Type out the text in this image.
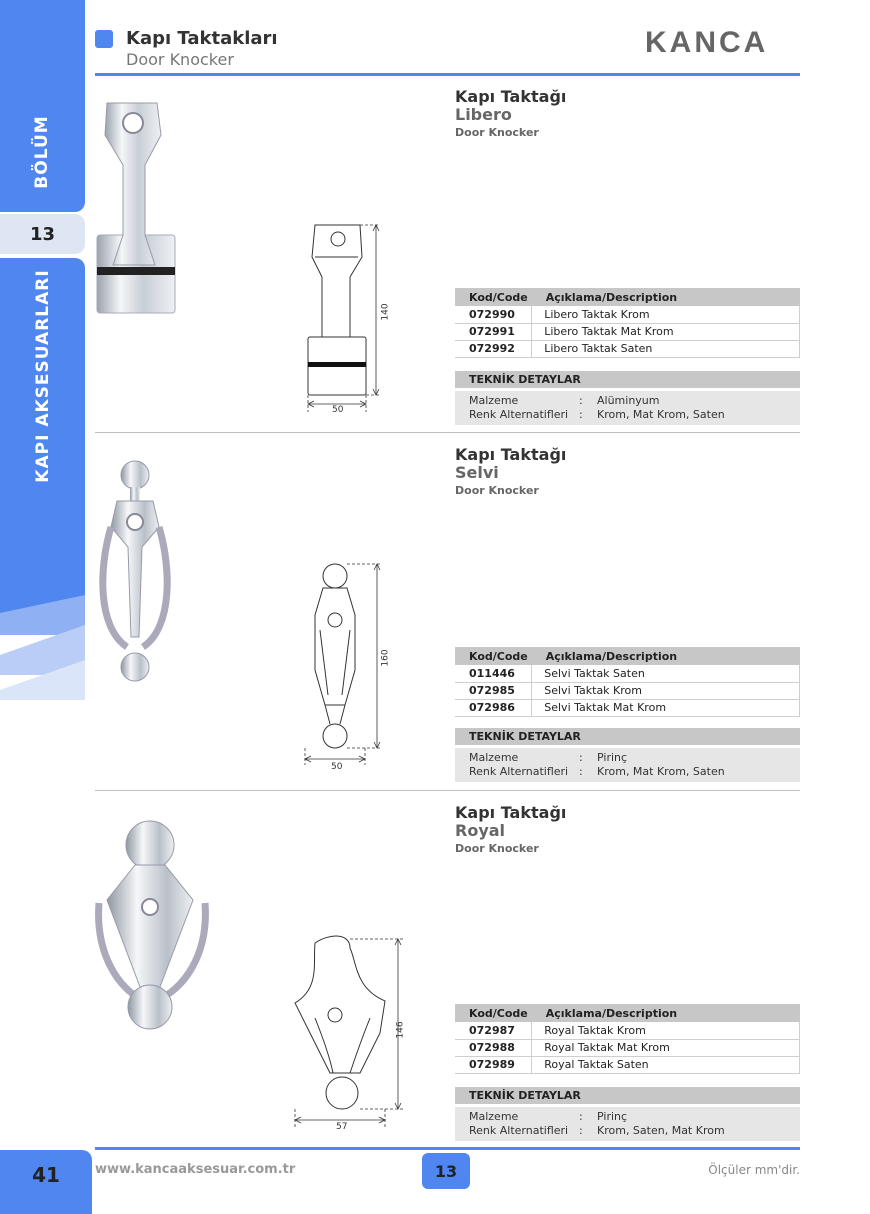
BÖLÜM
13
KAPI AKSESUARLARI
Kapı Taktakları
Door Knocker
KANCA
140
50
Kapı Taktağı
Libero
Door Knocker
Kod/Code	Açıklama/Description
072990	Libero Taktak Krom
072991	Libero Taktak Mat Krom
072992	Libero Taktak Saten
TEKNİK DETAYLAR
Malzeme	:	Alüminyum
Renk Alternatifleri :	Krom, Mat Krom, Saten
160
50
Kapı Taktağı
Selvi
Door Knocker
Kod/Code	Açıklama/Description
011446	Selvi Taktak Saten
072985	Selvi Taktak Krom
072986	Selvi Taktak Mat Krom
TEKNİK DETAYLAR
Malzeme	:	Pirinç
Renk Alternatifleri :	Krom, Mat Krom, Saten
146
57
Kapı Taktağı
Royal
Door Knocker
Kod/Code	Açıklama/Description
072987	Royal Taktak Krom
072988	Royal Taktak Mat Krom
072989	Royal Taktak Saten
TEKNİK DETAYLAR
Malzeme	:	Pirinç
Renk Alternatifleri :	Krom, Saten, Mat Krom
41	www.kancaaksesuar.com.tr	13	Ölçüler mm'dir.
